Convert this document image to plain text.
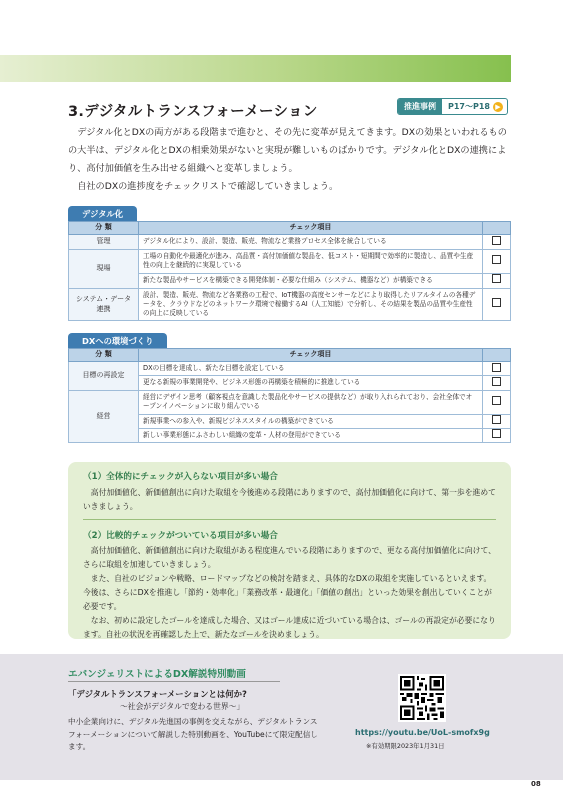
3.デジタルトランスフォーメーション	推進事例	P17～P18 ▶

デジタル化とDXの両方がある段階まで進むと、その先に変革が見えてきます。DXの効果といわれるものの大半は、デジタル化とDXの相乗効果がないと実現が難しいものばかりです。デジタル化とDXの連携により、高付加価値を生み出せる組織へと変革しましょう。

自社のDXの進捗度をチェックリストで確認していきましょう。

デジタル化
分 類	チェック項目	
管理	デジタル化により、設計、製造、販売、物流など業務プロセス全体を統合している	
現場	工場の自動化や最適化が進み、高品質・高付加価値な製品を、低コスト・短期間で効率的に製造し、品質や生産性の向上を継続的に実現している	
	新たな製品やサービスを構築できる開発体制・必要な仕組み（システム、機器など）が構築できる	
システム・データ連携	設計、製造、販売、物流など各業務の工程で、IoT機器の高度センサーなどにより取得したリアルタイムの各種データを、クラウドなどのネットワーク環境で稼働するAI（人工知能）で分析し、その結果を製品の品質や生産性の向上に反映している	
DXへの環境づくり
分 類	チェック項目	
目標の再設定	DXの目標を達成し、新たな目標を設定している	
	更なる新規の事業開発や、ビジネス形態の再構築を積極的に推進している	
経営	経営にデザイン思考（顧客視点を意識した製品化やサービスの提供など）が取り入れられており、会社全体でオープンイノベーションに取り組んでいる	
	新規事業への参入や、新規ビジネススタイルの構築ができている	
	新しい事業形態にふさわしい組織の変革・人材の登用ができている	
（1）全体的にチェックが入らない項目が多い場合

高付加価値化、新価値創出に向けた取組を今後進める段階にありますので、高付加価値化に向けて、第一歩を進めていきましょう。

（2）比較的チェックがついている項目が多い場合

高付加価値化、新価値創出に向けた取組がある程度進んでいる段階にありますので、更なる高付加価値化に向けて、さらに取組を加速していきましょう。

また、自社のビジョンや戦略、ロードマップなどの検討を踏まえ、具体的なDXの取組を実施しているといえます。今後は、さらにDXを推進し「節約・効率化」「業務改革・最適化」「価値の創出」といった効果を創出していくことが必要です。

なお、初めに設定したゴールを達成した場合、又はゴール達成に近づいている場合は、ゴールの再設定が必要になります。自社の状況を再確認した上で、新たなゴールを決めましょう。

エバンジェリストによるDX解説特別動画
「デジタルトランスフォーメーションとは何か?
～社会がデジタルで変わる世界～」
中小企業向けに、デジタル先進国の事例を交えながら、デジタルトランスフォーメーションについて解説した特別動画を、YouTubeにて限定配信します。
https://youtu.be/UoL-smofx9g
※有効期限2023年1月31日
08
